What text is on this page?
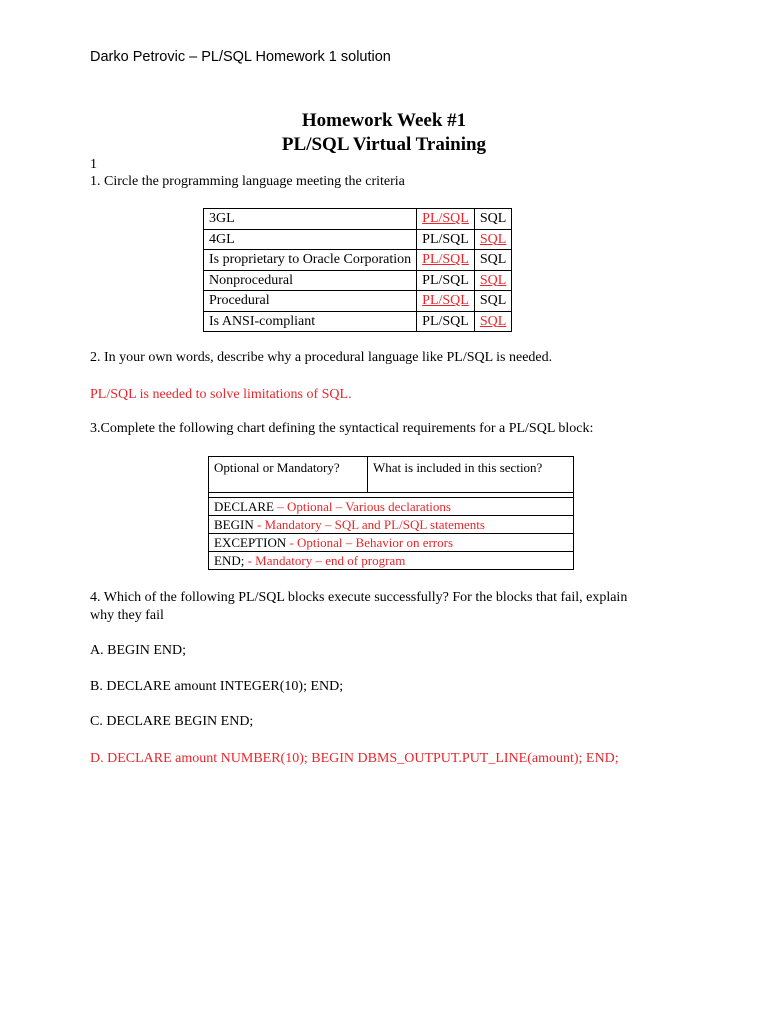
Darko Petrovic – PL/SQL Homework 1 solution
Homework Week #1
PL/SQL Virtual Training
1
1. Circle the programming language meeting the criteria
3GL	PL/SQL	SQL
4GL	PL/SQL	SQL
Is proprietary to Oracle Corporation	PL/SQL	SQL
Nonprocedural	PL/SQL	SQL
Procedural	PL/SQL	SQL
Is ANSI-compliant	PL/SQL	SQL
2. In your own words, describe why a procedural language like PL/SQL is needed.
PL/SQL is needed to solve limitations of SQL.
3.Complete the following chart defining the syntactical requirements for a PL/SQL block:
Optional or Mandatory?	What is included in this section?

DECLARE – Optional – Various declarations
BEGIN - Mandatory – SQL and PL/SQL statements
EXCEPTION - Optional – Behavior on errors
END; - Mandatory – end of program
4. Which of the following PL/SQL blocks execute successfully? For the blocks that fail, explain
why they fail
A. BEGIN END;
B. DECLARE amount INTEGER(10); END;
C. DECLARE BEGIN END;
D. DECLARE amount NUMBER(10); BEGIN DBMS_OUTPUT.PUT_LINE(amount); END;
